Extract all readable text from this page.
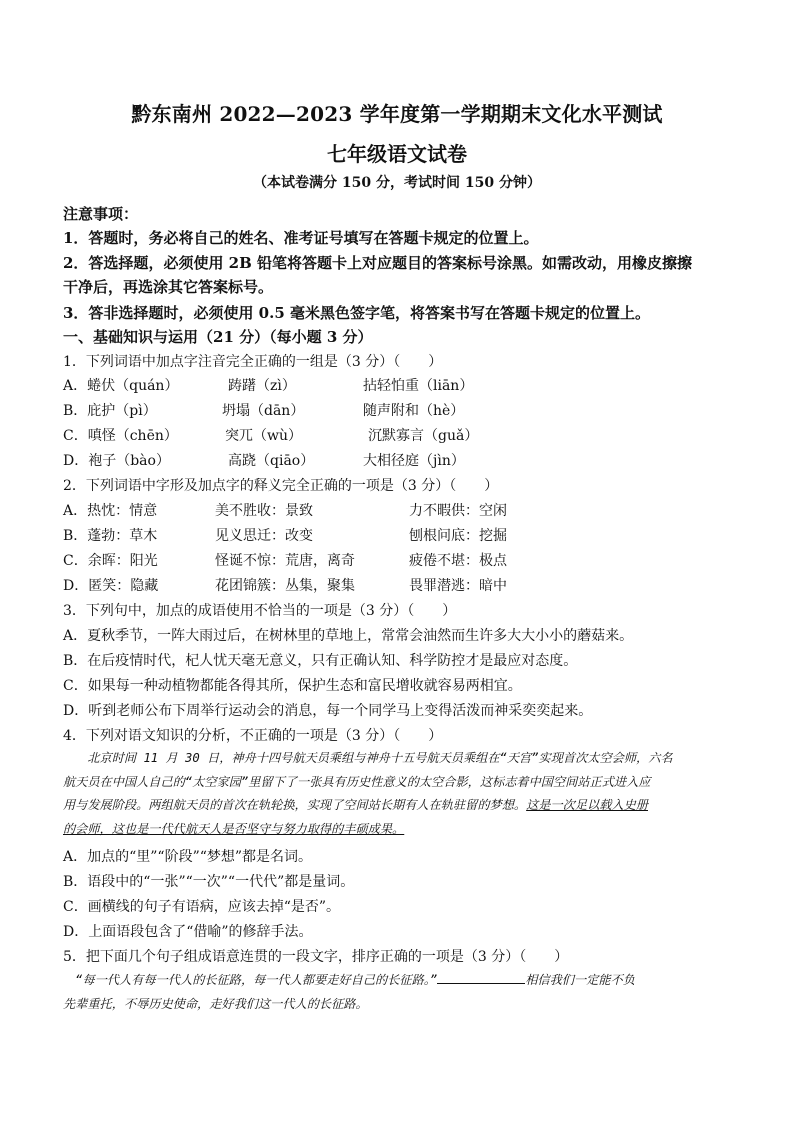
黔东南州 2022—2023 学年度第一学期期末文化水平测试
七年级语文试卷
（本试卷满分 150 分，考试时间 150 分钟）
注意事项：
1．答题时，务必将自己的姓名、准考证号填写在答题卡规定的位置上。
2．答选择题，必须使用 2B 铅笔将答题卡上对应题目的答案标号涂黑。如需改动，用橡皮擦擦
干净后，再选涂其它答案标号。
3．答非选择题时，必须使用 0.5 毫米黑色签字笔，将答案书写在答题卡规定的位置上。
一、基础知识与运用（21 分）（每小题 3 分）
1．下列词语中加点字注音完全正确的一组是（3 分）（　　）
A．蜷伏（quán）	踌躇（zì）	拈轻怕重（liān）
B．庇护（pì）	坍塌（dān）	随声附和（hè）
C．嗔怪（chēn）	突兀（wù）	沉默寡言（guǎ）
D．袍子（bào）	高跷（qiāo）	大相径庭（jìn）
2．下列词语中字形及加点字的释义完全正确的一项是（3 分）（　　）
A．热忱：情意	美不胜收：景致	力不暇供：空闲
B．蓬勃：草木	见义思迁：改变	刨根问底：挖掘
C．余晖：阳光	怪诞不惊：荒唐，离奇	疲倦不堪：极点
D．匿笑：隐藏	花团锦簇：丛集，聚集	畏罪潜逃：暗中
3．下列句中，加点的成语使用不恰当的一项是（3 分）（　　）
A．夏秋季节，一阵大雨过后，在树林里的草地上，常常会油然而生许多大大小小的蘑菇来。
B．在后疫情时代，杞人忧天毫无意义，只有正确认知、科学防控才是最应对态度。
C．如果每一种动植物都能各得其所，保护生态和富民增收就容易两相宜。
D．听到老师公布下周举行运动会的消息，每一个同学马上变得活泼而神采奕奕起来。
4．下列对语文知识的分析，不正确的一项是（3 分）（　　）

　　北京时间 11 月 30 日，神舟十四号航天员乘组与神舟十五号航天员乘组在“天宫”实现首次太空会师，六名

航天员在中国人自己的“太空家园”里留下了一张具有历史性意义的太空合影，这标志着中国空间站正式进入应

用与发展阶段。两组航天员的首次在轨轮换，实现了空间站长期有人在轨驻留的梦想。这是一次足以载入史册

的会师，这也是一代代航天人是否坚守与努力取得的丰硕成果。

A．加点的“里”“阶段”“梦想”都是名词。
B．语段中的“一张”“一次”“一代代”都是量词。
C．画横线的句子有语病，应该去掉“是否”。
D．上面语段包含了“借喻”的修辞手法。
5．把下面几个句子组成语意连贯的一段文字，排序正确的一项是（3 分）（　　）

　“每一代人有每一代人的长征路，每一代人都要走好自己的长征路。”	相信我们一定能不负

先辈重托，不辱历史使命，走好我们这一代人的长征路。
